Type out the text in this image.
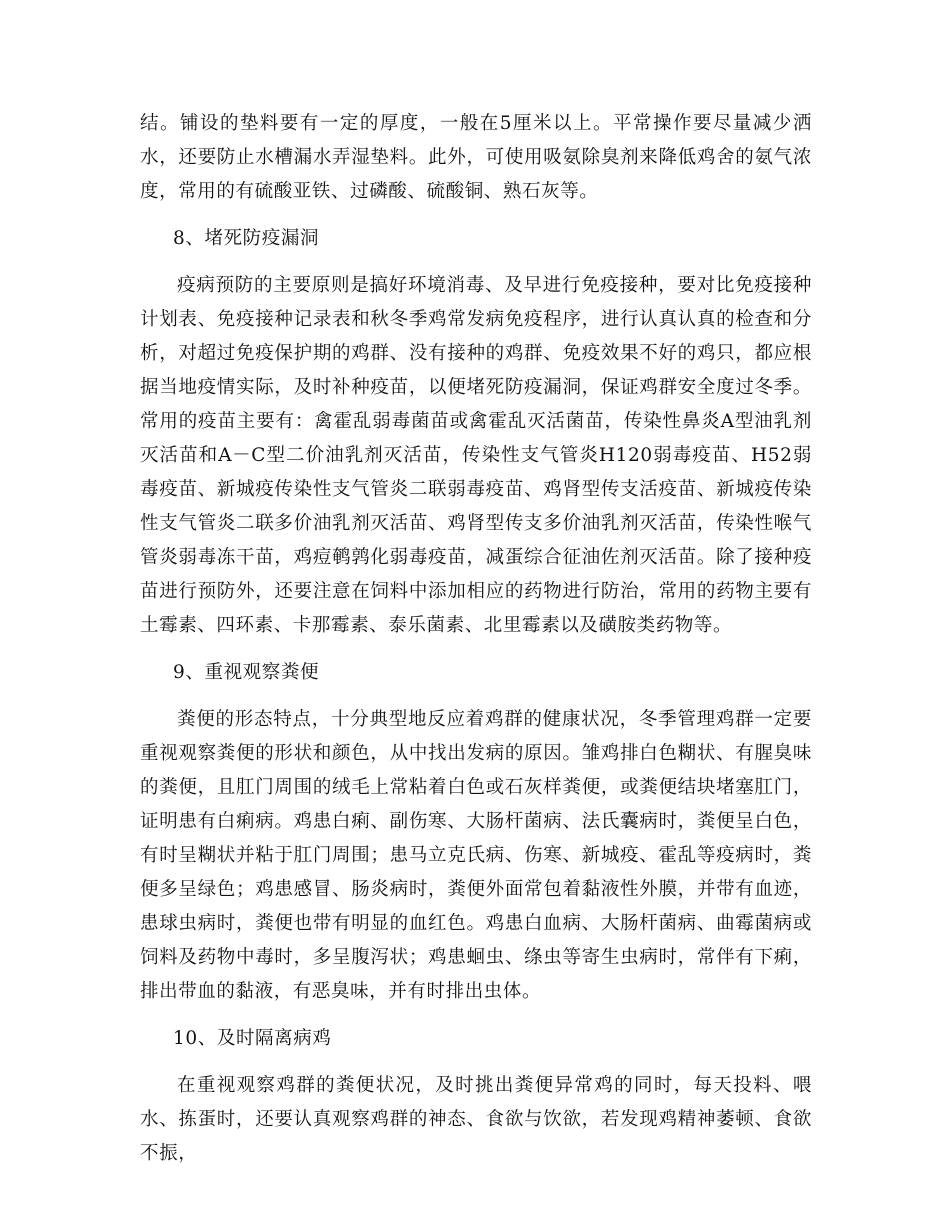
结。铺设的垫料要有一定的厚度，一般在5厘米以上。平常操作要尽量减少洒水，还要防止水槽漏水弄湿垫料。此外，可使用吸氨除臭剂来降低鸡舍的氨气浓度，常用的有硫酸亚铁、过磷酸、硫酸铜、熟石灰等。

8、堵死防疫漏洞

疫病预防的主要原则是搞好环境消毒、及早进行免疫接种，要对比免疫接种计划表、免疫接种记录表和秋冬季鸡常发病免疫程序，进行认真认真的检查和分析，对超过免疫保护期的鸡群、没有接种的鸡群、免疫效果不好的鸡只，都应根据当地疫情实际，及时补种疫苗，以便堵死防疫漏洞，保证鸡群安全度过冬季。常用的疫苗主要有：禽霍乱弱毒菌苗或禽霍乱灭活菌苗，传染性鼻炎A型油乳剂灭活苗和A－C型二价油乳剂灭活苗，传染性支气管炎H120弱毒疫苗、H52弱毒疫苗、新城疫传染性支气管炎二联弱毒疫苗、鸡肾型传支活疫苗、新城疫传染性支气管炎二联多价油乳剂灭活苗、鸡肾型传支多价油乳剂灭活苗，传染性喉气管炎弱毒冻干苗，鸡痘鹌鹑化弱毒疫苗，减蛋综合征油佐剂灭活苗。除了接种疫苗进行预防外，还要注意在饲料中添加相应的药物进行防治，常用的药物主要有土霉素、四环素、卡那霉素、泰乐菌素、北里霉素以及磺胺类药物等。

9、重视观察粪便

粪便的形态特点，十分典型地反应着鸡群的健康状况，冬季管理鸡群一定要重视观察粪便的形状和颜色，从中找出发病的原因。雏鸡排白色糊状、有腥臭味的粪便，且肛门周围的绒毛上常粘着白色或石灰样粪便，或粪便结块堵塞肛门，证明患有白痢病。鸡患白痢、副伤寒、大肠杆菌病、法氏囊病时，粪便呈白色，有时呈糊状并粘于肛门周围；患马立克氏病、伤寒、新城疫、霍乱等疫病时，粪便多呈绿色；鸡患感冒、肠炎病时，粪便外面常包着黏液性外膜，并带有血迹，患球虫病时，粪便也带有明显的血红色。鸡患白血病、大肠杆菌病、曲霉菌病或饲料及药物中毒时，多呈腹泻状；鸡患蛔虫、绦虫等寄生虫病时，常伴有下痢，排出带血的黏液，有恶臭味，并有时排出虫体。

10、及时隔离病鸡

在重视观察鸡群的粪便状况，及时挑出粪便异常鸡的同时，每天投料、喂水、拣蛋时，还要认真观察鸡群的神态、食欲与饮欲，若发现鸡精神萎顿、食欲不振，
